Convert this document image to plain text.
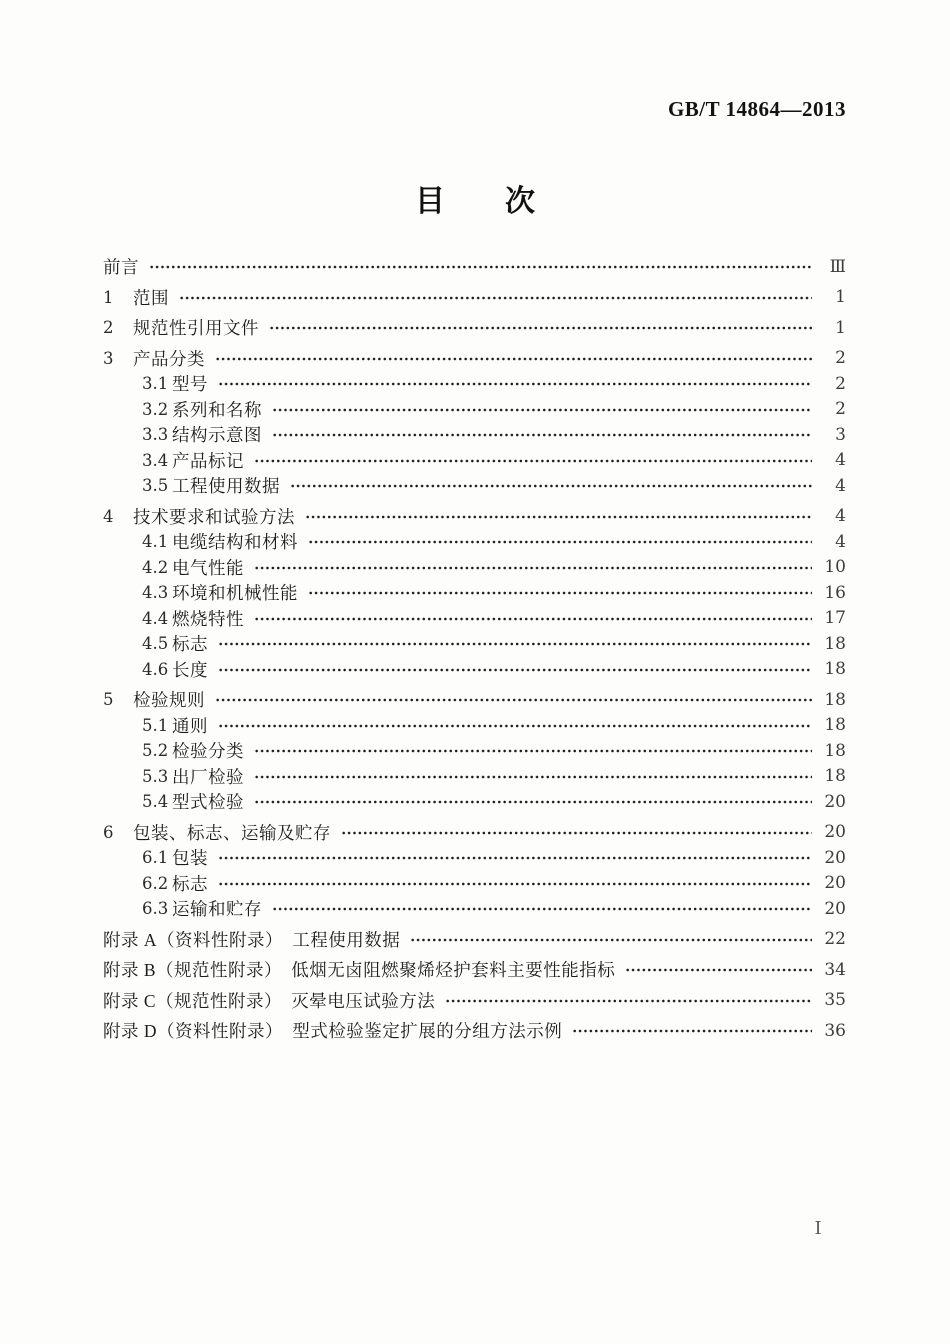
GB/T 14864—2013
目　　次
前言	Ⅲ
1	范围	1
2	规范性引用文件	1
3	产品分类	2
3.1 型号	2
3.2 系列和名称	2
3.3 结构示意图	3
3.4 产品标记	4
3.5 工程使用数据	4
4	技术要求和试验方法	4
4.1 电缆结构和材料	4
4.2 电气性能	10
4.3 环境和机械性能	16
4.4 燃烧特性	17
4.5 标志	18
4.6 长度	18
5	检验规则	18
5.1 通则	18
5.2 检验分类	18
5.3 出厂检验	18
5.4 型式检验	20
6	包装、标志、运输及贮存	20
6.1 包装	20
6.2 标志	20
6.3 运输和贮存	20
附录 A（资料性附录）　工程使用数据	22
附录 B（规范性附录）　低烟无卤阻燃聚烯烃护套料主要性能指标	34
附录 C（规范性附录）　灭晕电压试验方法	35
附录 D（资料性附录）　型式检验鉴定扩展的分组方法示例	36
I
